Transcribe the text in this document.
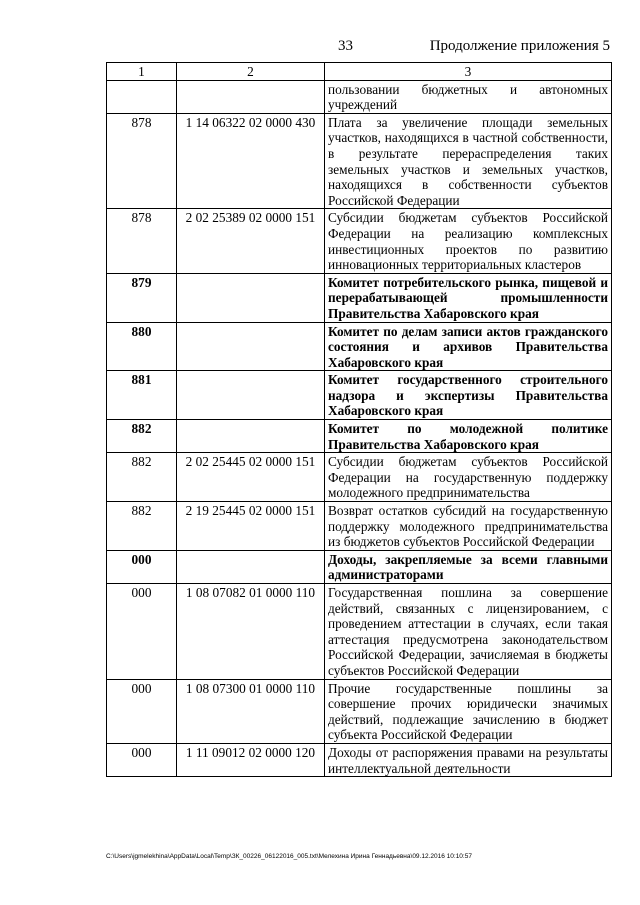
33	Продолжение приложения 5
1	2	3
		пользовании бюджетных и автономных учреждений
878	1 14 06322 02 0000 430	Плата за увеличение площади земельных участков, находящихся в частной собственности, в результате перераспределения таких земельных участков и земельных участков, находящихся в собственности субъектов Российской Федерации
878	2 02 25389 02 0000 151	Субсидии бюджетам субъектов Российской Федерации на реализацию комплексных инвестиционных проектов по развитию инновационных территориальных кластеров
879		Комитет потребительского рынка, пищевой и перерабатывающей промышленности Правительства Хабаровского края
880		Комитет по делам записи актов гражданского состояния и архивов Правительства Хабаровского края
881		Комитет государственного строительного надзора и экспертизы Правительства Хабаровского края
882		Комитет по молодежной политике Правительства Хабаровского края
882	2 02 25445 02 0000 151	Субсидии бюджетам субъектов Российской Федерации на государственную поддержку молодежного предпринимательства
882	2 19 25445 02 0000 151	Возврат остатков субсидий на государственную поддержку молодежного предпринимательства из бюджетов субъектов Российской Федерации
000		Доходы, закрепляемые за всеми главными администраторами
000	1 08 07082 01 0000 110	Государственная пошлина за совершение действий, связанных с лицензированием, с проведением аттестации в случаях, если такая аттестация предусмотрена законодательством Российской Федерации, зачисляемая в бюджеты субъектов Российской Федерации
000	1 08 07300 01 0000 110	Прочие государственные пошлины за совершение прочих юридически значимых действий, подлежащие зачислению в бюджет субъекта Российской Федерации
000	1 11 09012 02 0000 120	Доходы от распоряжения правами на результаты интеллектуальной деятельности
C:\Users\jgmelekhina\AppData\Local\Temp\ЗК_00226_06122016_005.txt\Мелехина Ирина Геннадьевна\09.12.2016 10:10:57
